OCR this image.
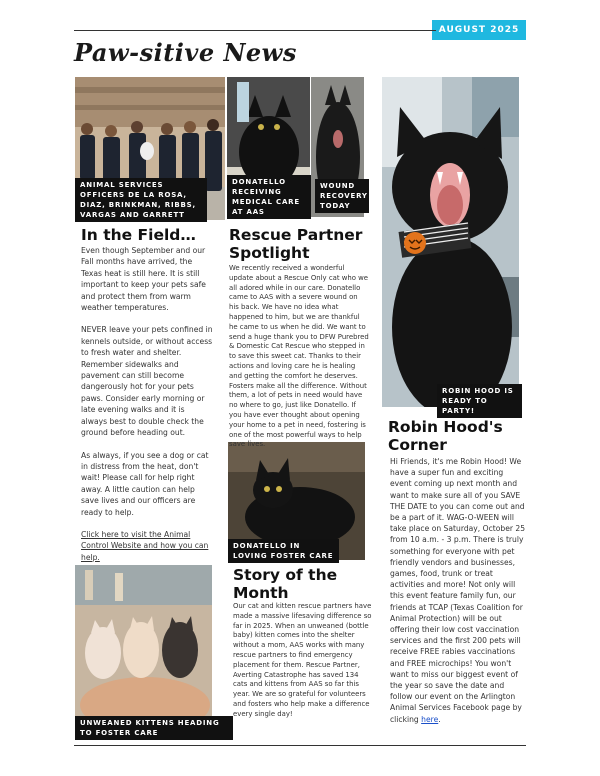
AUGUST 2025
Paw-sitive News
ANIMAL SERVICES OFFICERS DE LA ROSA, DIAZ, BRINKMAN, RIBBS, VARGAS AND GARRETT
DONATELLO RECEIVING MEDICAL CARE AT AAS
WOUND RECOVERY TODAY
ROBIN HOOD IS READY TO PARTY!
DONATELLO IN LOVING FOSTER CARE
UNWEANED KITTENS HEADING TO FOSTER CARE
In the Field…

Even though September and our Fall months have arrived, the Texas heat is still here. It is still important to keep your pets safe and protect them from warm weather temperatures.

NEVER leave your pets confined in kennels outside, or without access to fresh water and shelter. Remember sidewalks and pavement can still become dangerously hot for your pets paws. Consider early morning or late evening walks and it is always best to double check the ground before heading out.

As always, if you see a dog or cat in distress from the heat, don't wait! Please call for help right away. A little caution can help save lives and our officers are ready to help.

Click here to visit the Animal Control Website and how you can help.

Rescue Partner Spotlight
We recently received a wonderful update about a Rescue Only cat who we all adored while in our care. Donatello came to AAS with a severe wound on his back. We have no idea what happened to him, but we are thankful he came to us when he did. We want to send a huge thank you to DFW Purebred & Domestic Cat Rescue who stepped in to save this sweet cat. Thanks to their actions and loving care he is healing and getting the comfort he deserves. Fosters make all the difference. Without them, a lot of pets in need would have no where to go, just like Donatello. If you have ever thought about opening your home to a pet in need, fostering is one of the most powerful ways to help save lives.
Story of the Month
Our cat and kitten rescue partners have made a massive lifesaving difference so far in 2025. When an unweaned (bottle baby) kitten comes into the shelter without a mom, AAS works with many rescue partners to find emergency placement for them. Rescue Partner, Averting Catastrophe has saved 134 cats and kittens from AAS so far this year. We are so grateful for volunteers and fosters who help make a difference every single day!
Robin Hood's Corner
Hi Friends, it's me Robin Hood! We have a super fun and exciting event coming up next month and want to make sure all of you SAVE THE DATE to you can come out and be a part of it. WAG-O-WEEN will take place on Saturday, October 25 from 10 a.m. - 3 p.m. There is truly something for everyone with pet friendly vendors and businesses, games, food, trunk or treat activities and more! Not only will this event feature family fun, our friends at TCAP (Texas Coalition for Animal Protection) will be out offering their low cost vaccination services and the first 200 pets will receive FREE rabies vaccinations and FREE microchips! You won't want to miss our biggest event of the year so save the date and follow our event on the Arlington Animal Services Facebook page by clicking here.
